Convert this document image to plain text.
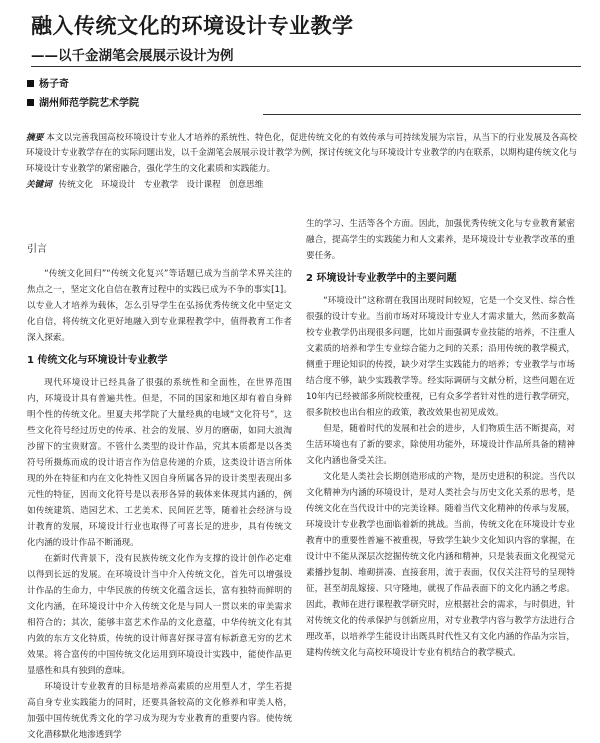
融入传统文化的环境设计专业教学
——以千金湖笔会展展示设计为例
杨子奇
湖州师范学院艺术学院
摘要 本文以完善我国高校环境设计专业人才培养的系统性、特色化，促进传统文化的有效传承与可持续发展为宗旨，从当下的行业发展及各高校环境设计专业教学存在的实际问题出发，以千金湖笔会展展示设计教学为例，探讨传统文化与环境设计专业教学的内在联系，以期构建传统文化与环境设计专业教学的紧密融合，强化学生的文化素质和实践能力。
关键词 传统文化 环境设计 专业教学 设计课程 创意思维

引言

“传统文化回归”“传统文化复兴”等话题已成为当前学术界关注的焦点之一，坚定文化自信在教育过程中的实践已成为不争的事实[1]。以专业人才培养为载体，怎么引导学生在弘扬优秀传统文化中坚定文化自信，将传统文化更好地融入到专业课程教学中，值得教育工作者深入探索。

1 传统文化与环境设计专业教学

现代环境设计已经具备了很强的系统性和全面性，在世界范围内，环境设计具有普遍共性。但是，不同的国家和地区却有着自身鲜明个性的传统文化。里夏夫邦学院了大量经典的电域“文化符号”，这些文化符号经过历史的传承、社会的发展、岁月的磨砺，如同大浪淘沙留下的宝贵财富。不管什么类型的设计作品，究其本质都是以各类符号所摄炼而成的设计语言作为信息传递的介质，这类设计语言所体现的外在特征和内在文化特性又因自身所属各异的设计类型表现出多元性的特征，因而文化符号是以表形各异的载体来体现其内涵的，例如传统建筑、造园艺术、工艺美术、民间匠艺等，随着社会经济与设计教育的发展，环境设计行业也取得了可喜长足的进步，具有传统文化内涵的设计作品不断涌现。

在新时代背景下，没有民族传统文化作为支撑的设计创作必定难以得到长远的发展。在环境设计当中介入传统文化，首先可以增强设计作品的生命力，中华民族的传统文化蕴含远长，富有独特而鲜明的文化内涵，在环境设计中介入传统文化是与同人一贯以来的审美需求相符合的；其次，能够丰富艺术作品的文化意蕴，中华传统文化有其内敛的东方文化特质，传统的设计师喜好探寻富有标新意无穷的艺术效果。将合富传的中国传统文化运用到环境设计实践中，能使作品更显感性和具有独到的意味。

环境设计专业教育的目标是培养高素质的应用型人才，学生若提高自身专业实践能力的同时，还要具备较高的文化修养和审美人格，加强中国传统优秀文化的学习成为现为专业教育的重要内容。使传统文化潜移默化地渗透到学

生的学习、生活等各个方面。因此，加强优秀传统文化与专业教育紧密融合，提高学生的实践能力和人文素养，是环境设计专业教学改革的重要任务。

2 环境设计专业教学中的主要问题

“环境设计”这称谓在我国出现时间较短，它是一个交叉性、综合性很强的设计专业。当前市场对环境设计专业人才需求量大，然而多数高校专业教学仍出现很多问题，比如片面强调专业技能的培养，不注重人文素质的培养和学生专业综合能力之间的关系；沿用传统的教学模式，侧重于理论知识的传授，缺少对学生实践能力的培养；专业教学与市场结合度不够，缺少实践教学等。经实际调研与文献分析，这些问题在近10年内已经被部多所院校重视，已有众多学者针对性的进行教学研究，很多院校也出台相应的政策，教改效果也初见成效。

但是，随着时代的发展和社会的进步，人们物质生活不断提高，对生活环境也有了新的要求，除使用功能外，环境设计作品所具备的精神文化内涵也备受关注。

文化是人类社会长期创造形成的产物，是历史进积的积淀。当代以文化精神为内涵的环境设计，是对人类社会与历史文化关系的思考，是传统文化在当代设计中的完美诠释。随着当代文化精神的传承与发展，环境设计专业教学也面临着新的挑战。当前，传统文化在环境设计专业教育中的重要性普遍不被重视，导致学生缺少文化知识内容的掌握，在设计中不能从深层次挖掘传统文化内涵和精神，只是装表面文化视觉元素播抄复制、堆砌拼凑、直接套用，流于表面，仅仅关注符号的呈现特征，甚至胡乱嫁接、只守隆地，就视了作品表面下的文化内涵之考虑。因此，教师在进行课程教学研究时，应根据社会的需求，与时俱进，针对传统文化的传承保护与创新应用，对专业教学内容与教学方法进行合理改革，以培养学生能设计出既具时代性又有文化内涵的作品为宗旨，建构传统文化与高校环境设计专业有机结合的教学模式。
